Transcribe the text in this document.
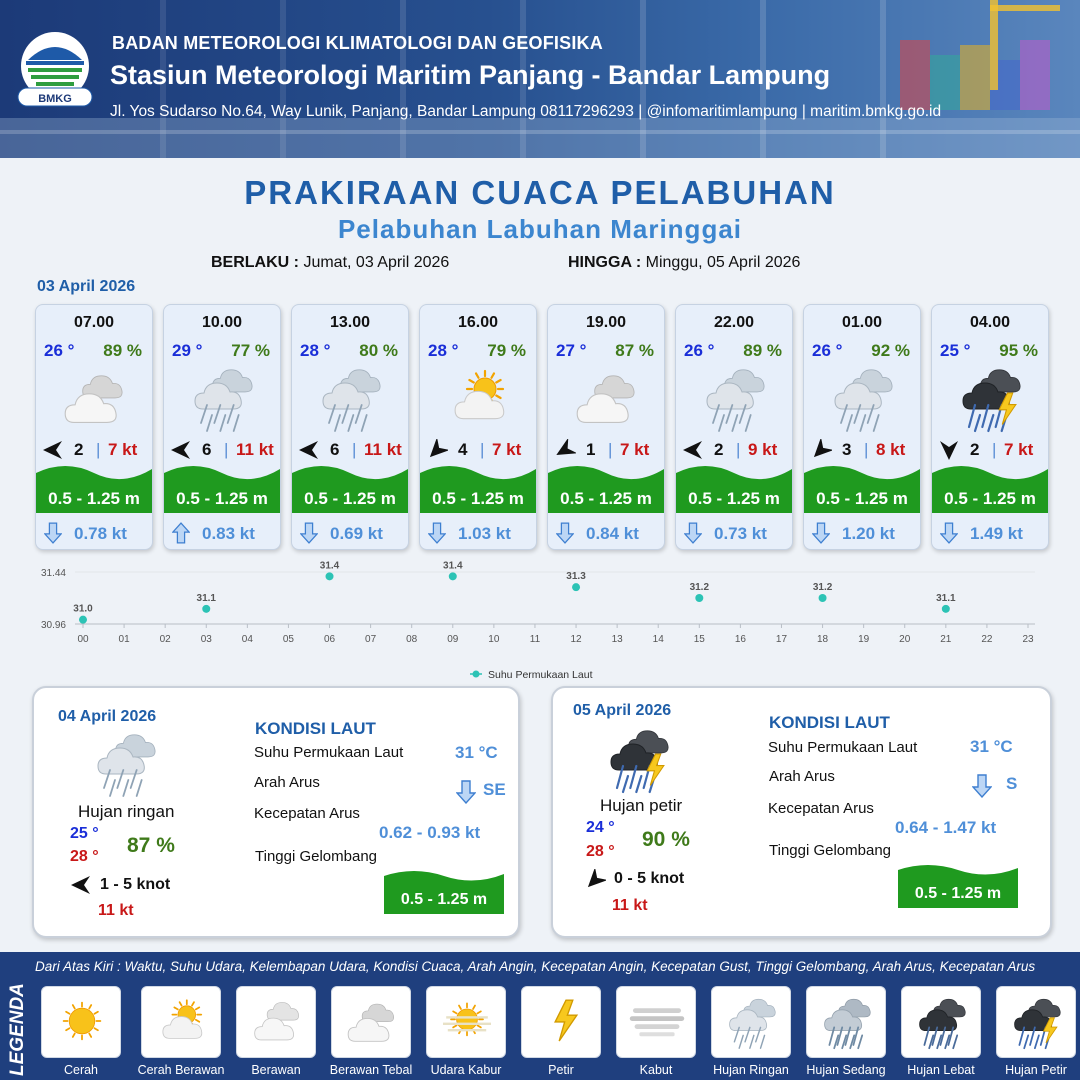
BMKG
BADAN METEOROLOGI KLIMATOLOGI DAN GEOFISIKA
Stasiun Meteorologi Maritim Panjang - Bandar Lampung
Jl. Yos Sudarso No.64, Way Lunik, Panjang, Bandar Lampung 08117296293 | @infomaritimlampung | maritim.bmkg.go.id
PRAKIRAAN CUACA PELABUHAN
Pelabuhan Labuhan Maringgai
BERLAKU : Jumat, 03 April 2026	HINGGA : Minggu, 05 April 2026
03 April 2026
07.00
26 ° 89 %
2 | 7 kt
0.5 - 1.25 m
0.78 kt
10.00
29 ° 77 %
6 | 11 kt
0.5 - 1.25 m
0.83 kt
13.00
28 ° 80 %
6 | 11 kt
0.5 - 1.25 m
0.69 kt
16.00
28 ° 79 %
4 | 7 kt
0.5 - 1.25 m
1.03 kt
19.00
27 ° 87 %
1 | 7 kt
0.5 - 1.25 m
0.84 kt
22.00
26 ° 89 %
2 | 9 kt
0.5 - 1.25 m
0.73 kt
01.00
26 ° 92 %
3 | 8 kt
0.5 - 1.25 m
1.20 kt
04.00
25 ° 95 %
2 | 7 kt
0.5 - 1.25 m
1.49 kt
31.44
30.96
00	01	02	03	04	05	06	07	08	09	10	11	12	13	14	15	16	17	18	19	20	21	22	23
31.0
31.1
31.4	31.4
31.3
31.2	31.2
31.1
Suhu Permukaan Laut
04 April 2026
Hujan ringan
25 °
28 ° 87 %
1 - 5 knot
11 kt
KONDISI LAUT
Suhu Permukaan Laut	31 °C
Arah Arus	SE
Kecepatan Arus
0.62 - 0.93 kt
Tinggi Gelombang
0.5 - 1.25 m
05 April 2026
Hujan petir
24 °
28 °
90 %
0 - 5 knot
11 kt
KONDISI LAUT
Suhu Permukaan Laut	31 °C
Arah Arus	S
Kecepatan Arus
0.64 - 1.47 kt
Tinggi Gelombang
0.5 - 1.25 m
LEGENDA
Dari Atas Kiri : Waktu, Suhu Udara, Kelembapan Udara, Kondisi Cuaca, Arah Angin, Kecepatan Angin, Kecepatan Gust, Tinggi Gelombang, Arah Arus, Kecepatan Arus
Cerah	Cerah Berawan	Berawan	Berawan Tebal	Udara Kabur	Petir	Kabut	Hujan Ringan	Hujan Sedang	Hujan Lebat	Hujan Petir
